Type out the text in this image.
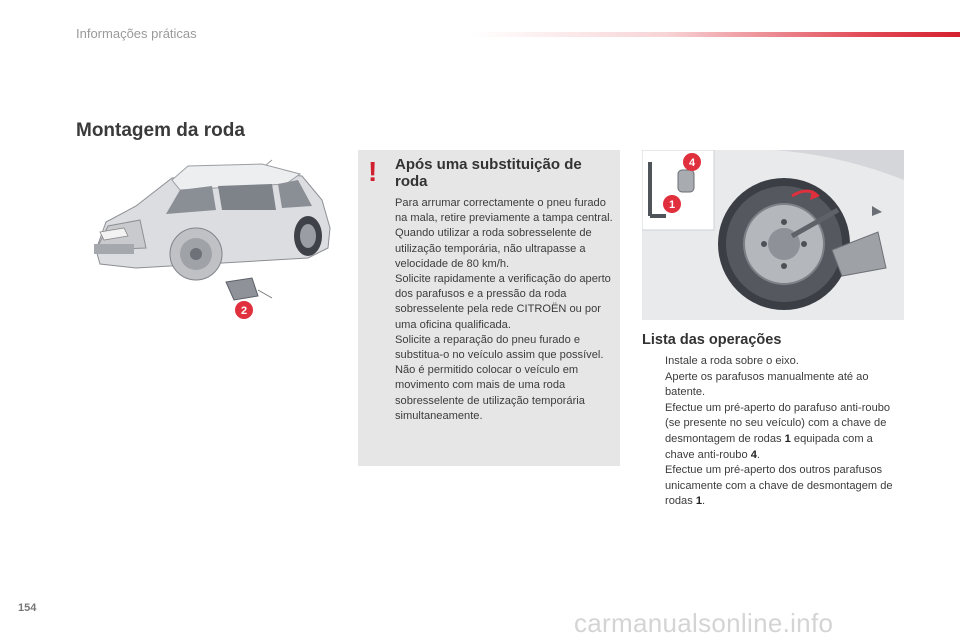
Informações práticas
Montagem da roda
2
! Após uma substituição de roda

Para arrumar correctamente o pneu furado na mala, retire previamente a tampa central.

Quando utilizar a roda sobresselente de utilização temporária, não ultrapasse a velocidade de 80 km/h.

Solicite rapidamente a verificação do aperto dos parafusos e a pressão da roda sobresselente pela rede CITROËN ou por uma oficina qualificada.

Solicite a reparação do pneu furado e substitua-o no veículo assim que possível.

Não é permitido colocar o veículo em movimento com mais de uma roda sobresselente de utilização temporária simultaneamente.

4
1
Lista das operações
Instale a roda sobre o eixo.
Aperte os parafusos manualmente até ao batente.
Efectue um pré-aperto do parafuso anti-roubo (se presente no seu veículo) com a chave de desmontagem de rodas 1 equipada com a chave anti-roubo 4.
Efectue um pré-aperto dos outros parafusos unicamente com a chave de desmontagem de rodas 1.
154	carmanualsonline.info
